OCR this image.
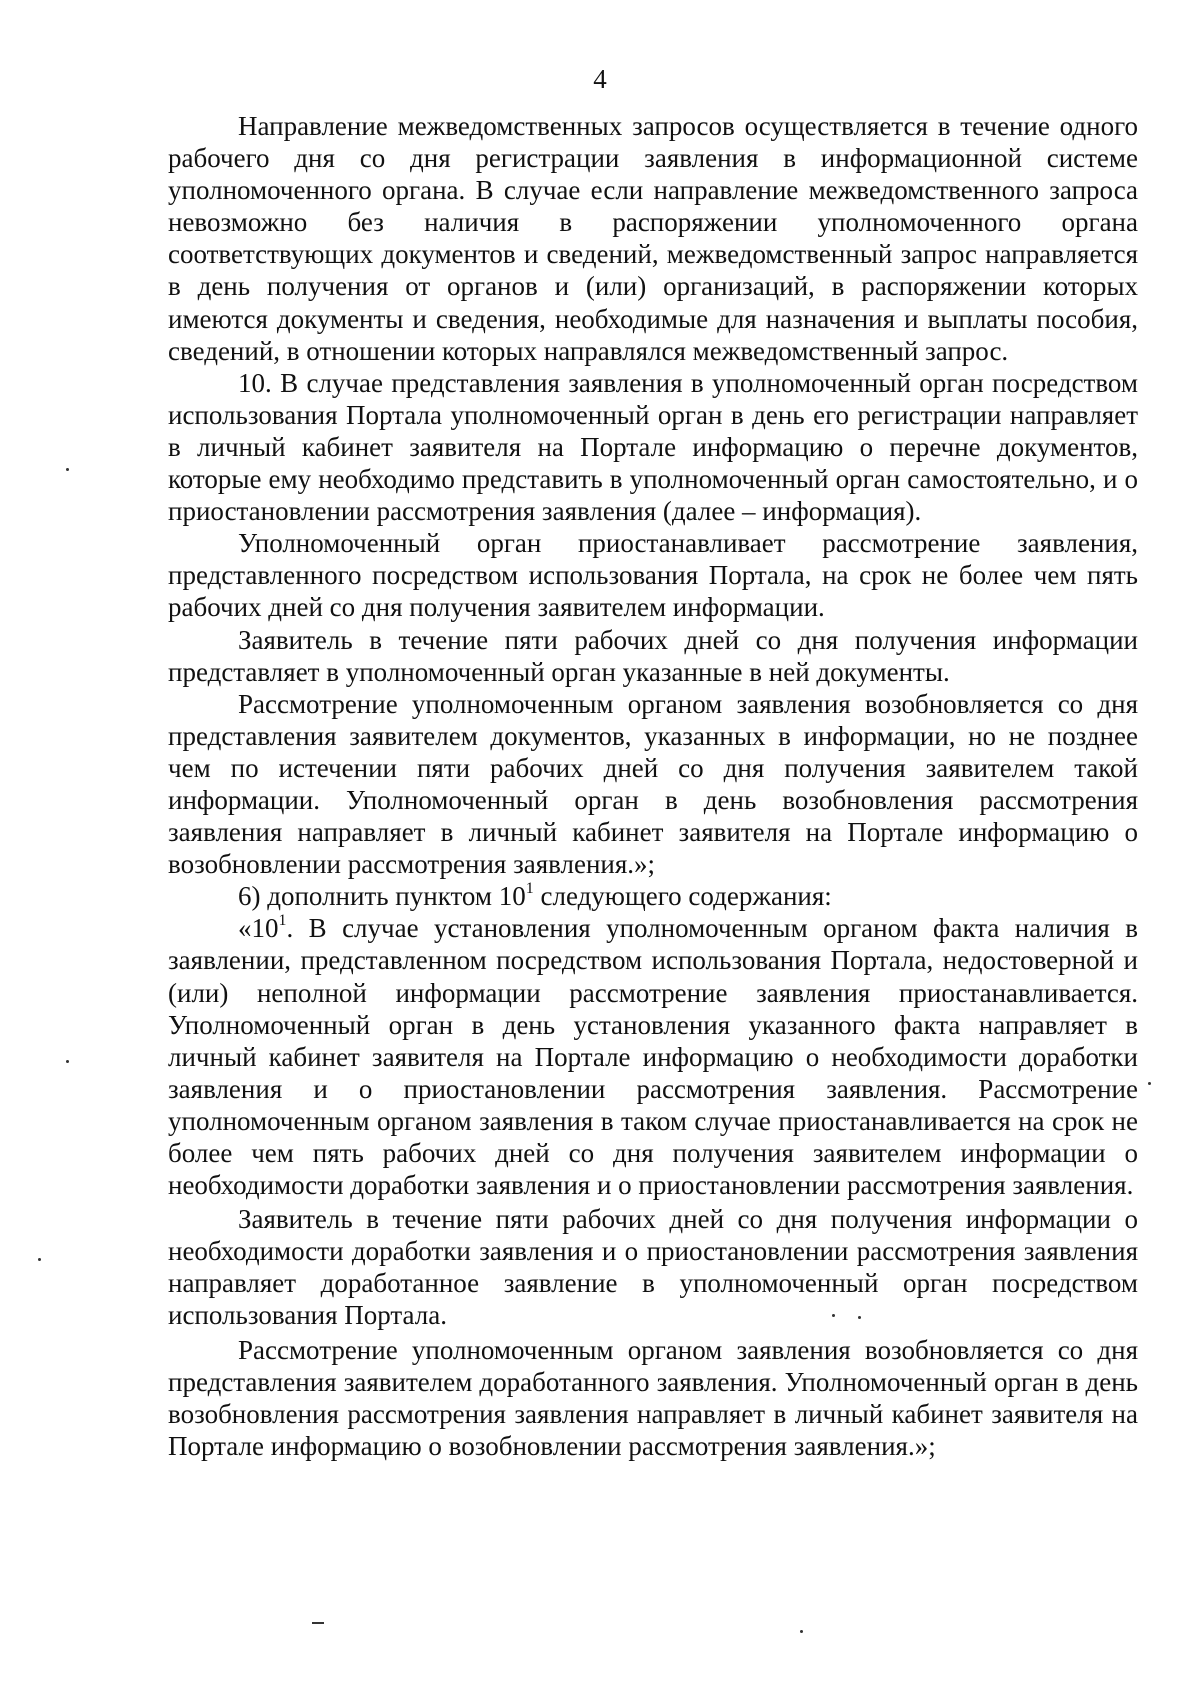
4

Направление межведомственных запросов осуществляется в течение одного рабочего дня со дня регистрации заявления в информационной системе уполномоченного органа. В случае если направление межведомственного запроса невозможно без наличия в распоряжении уполномоченного органа соответствующих документов и сведений, межведомственный запрос направляется в день получения от органов и (или) организаций, в распоряжении которых имеются документы и сведения, необходимые для назначения и выплаты пособия, сведений, в отношении которых направлялся межведомственный запрос.

10. В случае представления заявления в уполномоченный орган посредством использования Портала уполномоченный орган в день его регистрации направляет в личный кабинет заявителя на Портале информацию о перечне документов, которые ему необходимо представить в уполномоченный орган самостоятельно, и о приостановлении рассмотрения заявления (далее – информация).

Уполномоченный орган приостанавливает рассмотрение заявления, представленного посредством использования Портала, на срок не более чем пять рабочих дней со дня получения заявителем информации.

Заявитель в течение пяти рабочих дней со дня получения информации представляет в уполномоченный орган указанные в ней документы.

Рассмотрение уполномоченным органом заявления возобновляется со дня представления заявителем документов, указанных в информации, но не позднее чем по истечении пяти рабочих дней со дня получения заявителем такой информации. Уполномоченный орган в день возобновления рассмотрения заявления направляет в личный кабинет заявителя на Портале информацию о возобновлении рассмотрения заявления.»;

6) дополнить пунктом $10^1$ следующего содержания:

«$10^1$. В случае установления уполномоченным органом факта наличия в заявлении, представленном посредством использования Портала, недостоверной и (или) неполной информации рассмотрение заявления приостанавливается. Уполномоченный орган в день установления указанного факта направляет в личный кабинет заявителя на Портале информацию о необходимости доработки заявления и о приостановлении рассмотрения заявления. Рассмотрение уполномоченным органом заявления в таком случае приостанавливается на срок не более чем пять рабочих дней со дня получения заявителем информации о необходимости доработки заявления и о приостановлении рассмотрения заявления.

Заявитель в течение пяти рабочих дней со дня получения информации о необходимости доработки заявления и о приостановлении рассмотрения заявления направляет доработанное заявление в уполномоченный орган посредством использования Портала.

Рассмотрение уполномоченным органом заявления возобновляется со дня представления заявителем доработанного заявления. Уполномоченный орган в день возобновления рассмотрения заявления направляет в личный кабинет заявителя на Портале информацию о возобновлении рассмотрения заявления.»;
